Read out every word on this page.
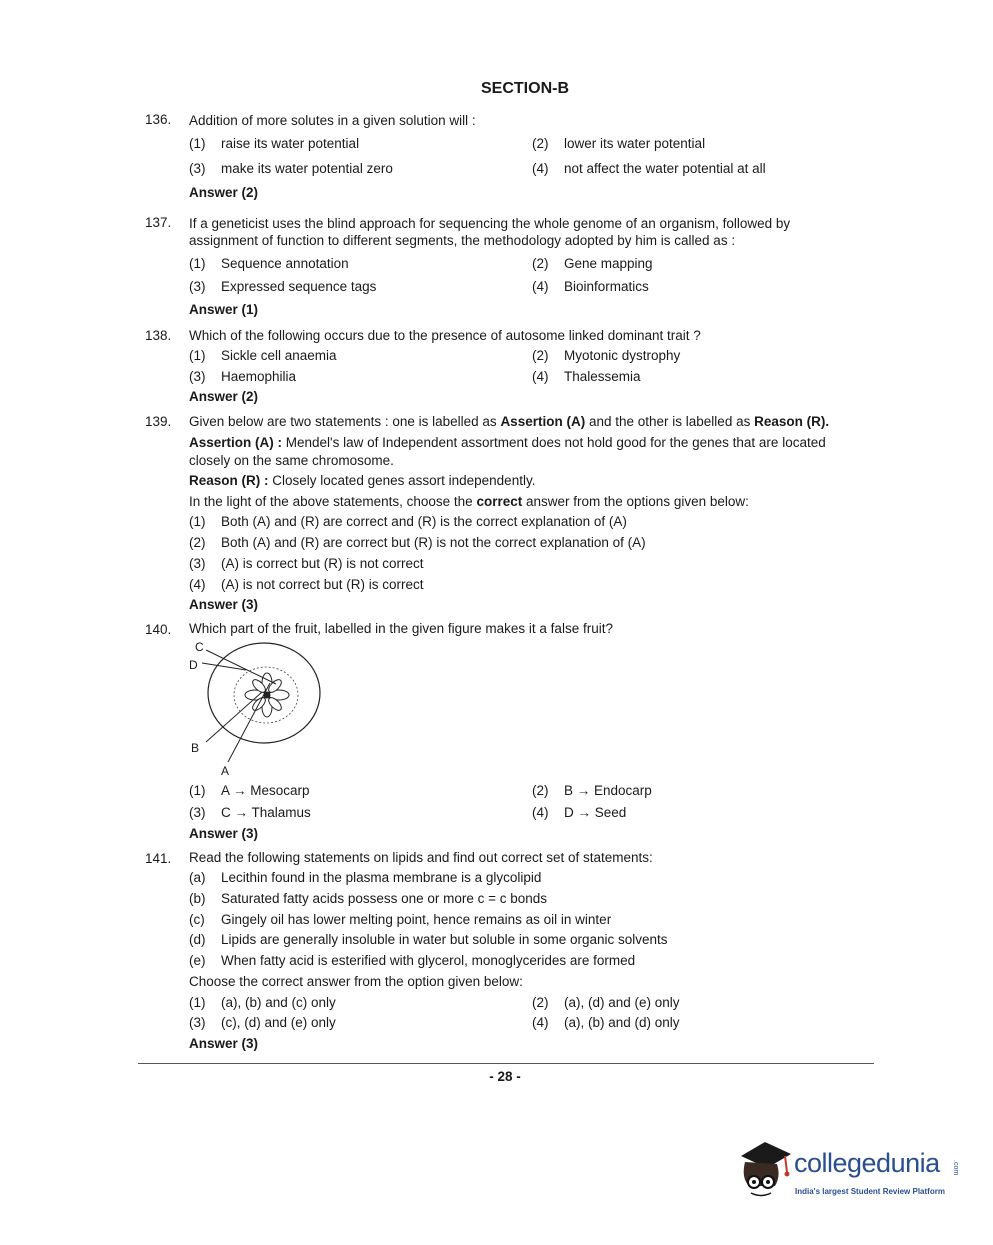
SECTION-B
136. Addition of more solutes in a given solution will :
(1) raise its water potential	(2) lower its water potential
(3) make its water potential zero	(4) not affect the water potential at all
Answer (2)
137. If a geneticist uses the blind approach for sequencing the whole genome of an organism, followed by
assignment of function to different segments, the methodology adopted by him is called as :
(1) Sequence annotation	(2) Gene mapping
(3) Expressed sequence tags	(4) Bioinformatics
Answer (1)
138. Which of the following occurs due to the presence of autosome linked dominant trait ?
(1) Sickle cell anaemia	(2) Myotonic dystrophy
(3) Haemophilia	(4) Thalessemia
Answer (2)
139. Given below are two statements : one is labelled as Assertion (A) and the other is labelled as Reason (R).
Assertion (A) : Mendel's law of Independent assortment does not hold good for the genes that are located
closely on the same chromosome.
Reason (R) : Closely located genes assort independently.
In the light of the above statements, choose the correct answer from the options given below:
(1) Both (A) and (R) are correct and (R) is the correct explanation of (A)
(2) Both (A) and (R) are correct but (R) is not the correct explanation of (A)
(3) (A) is correct but (R) is not correct
(4) (A) is not correct but (R) is correct
Answer (3)
140. Which part of the fruit, labelled in the given figure makes it a false fruit?
C
D
B
A
(1) A → Mesocarp	(2) B → Endocarp
(3) C → Thalamus	(4) D → Seed
Answer (3)
141. Read the following statements on lipids and find out correct set of statements:
(a) Lecithin found in the plasma membrane is a glycolipid
(b) Saturated fatty acids possess one or more c = c bonds
(c) Gingely oil has lower melting point, hence remains as oil in winter
(d) Lipids are generally insoluble in water but soluble in some organic solvents
(e) When fatty acid is esterified with glycerol, monoglycerides are formed
Choose the correct answer from the option given below:
(1) (a), (b) and (c) only	(2) (a), (d) and (e) only
(3) (c), (d) and (e) only	(4) (a), (b) and (d) only
Answer (3)
- 28 -
collegedunia .com
India's largest Student Review Platform
